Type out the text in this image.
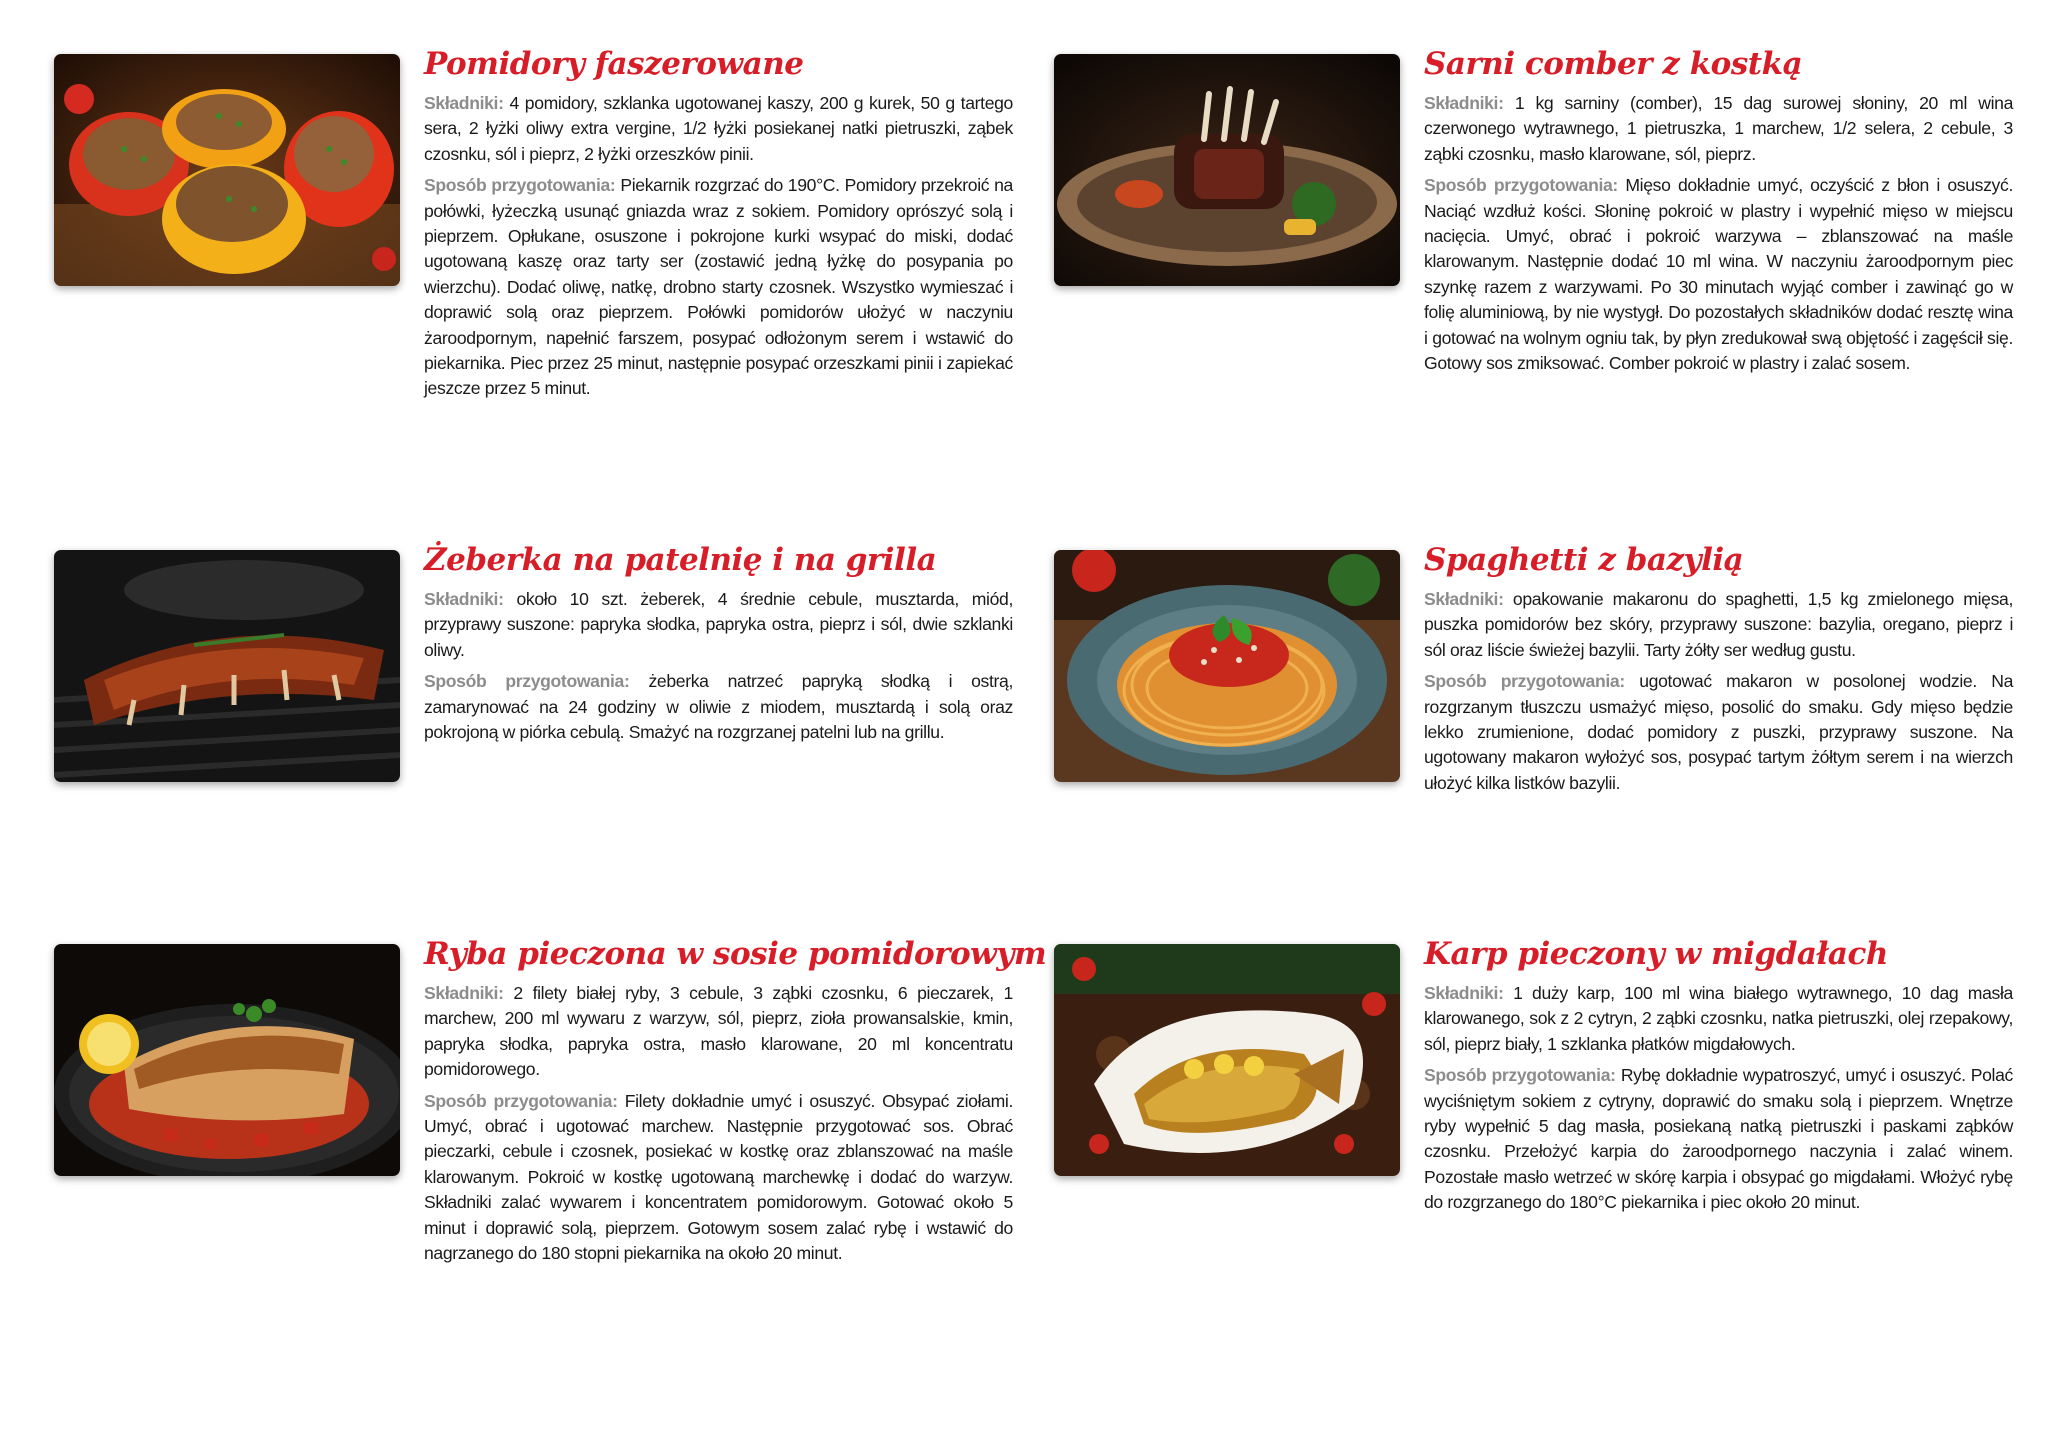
Pomidory faszerowane

Składniki: 4 pomidory, szklanka ugotowanej kaszy, 200 g kurek, 50 g tartego sera, 2 łyżki oliwy extra vergine, 1/2 łyżki posiekanej natki pietruszki, ząbek czosnku, sól i pieprz, 2 łyżki orzeszków pinii.

Sposób przygotowania: Piekarnik rozgrzać do 190°C. Pomidory przekroić na połówki, łyżeczką usunąć gniazda wraz z sokiem. Pomidory oprószyć solą i pieprzem. Opłukane, osuszone i pokrojone kurki wsypać do miski, dodać ugotowaną kaszę oraz tarty ser (zostawić jedną łyżkę do posypania po wierzchu). Dodać oliwę, natkę, drobno starty czosnek. Wszystko wymieszać i doprawić solą oraz pieprzem. Połówki pomidorów ułożyć w naczyniu żaroodpornym, napełnić farszem, posypać odłożonym serem i wstawić do piekarnika. Piec przez 25 minut, następnie posypać orzeszkami pinii i zapiekać jeszcze przez 5 minut.

Sarni comber z kostką

Składniki: 1 kg sarniny (comber), 15 dag surowej słoniny, 20 ml wina czerwonego wytrawnego, 1 pietruszka, 1 marchew, 1/2 selera, 2 cebule, 3 ząbki czosnku, masło klarowane, sól, pieprz.

Sposób przygotowania: Mięso dokładnie umyć, oczyścić z błon i osuszyć. Naciąć wzdłuż kości. Słoninę pokroić w plastry i wypełnić mięso w miejscu nacięcia. Umyć, obrać i pokroić warzywa – zblanszować na maśle klarowanym. Następnie dodać 10 ml wina. W naczyniu żaroodpornym piec szynkę razem z warzywami. Po 30 minutach wyjąć comber i zawinąć go w folię aluminiową, by nie wystygł. Do pozostałych składników dodać resztę wina i gotować na wolnym ogniu tak, by płyn zredukował swą objętość i zagęścił się. Gotowy sos zmiksować. Comber pokroić w plastry i zalać sosem.

Żeberka na patelnię i na grilla

Składniki: około 10 szt. żeberek, 4 średnie cebule, musztarda, miód, przyprawy suszone: papryka słodka, papryka ostra, pieprz i sól, dwie szklanki oliwy.

Sposób przygotowania: żeberka natrzeć papryką słodką i ostrą, zamarynować na 24 godziny w oliwie z miodem, musztardą i solą oraz pokrojoną w piórka cebulą. Smażyć na rozgrzanej patelni lub na grillu.

Spaghetti z bazylią

Składniki: opakowanie makaronu do spaghetti, 1,5 kg zmielonego mięsa, puszka pomidorów bez skóry, przyprawy suszone: bazylia, oregano, pieprz i sól oraz liście świeżej bazylii. Tarty żółty ser według gustu.

Sposób przygotowania: ugotować makaron w posolonej wodzie. Na rozgrzanym tłuszczu usmażyć mięso, posolić do smaku. Gdy mięso będzie lekko zrumienione, dodać pomidory z puszki, przyprawy suszone. Na ugotowany makaron wyłożyć sos, posypać tartym żółtym serem i na wierzch ułożyć kilka listków bazylii.

Ryba pieczona w sosie pomidorowym

Składniki: 2 filety białej ryby, 3 cebule, 3 ząbki czosnku, 6 pieczarek, 1 marchew, 200 ml wywaru z warzyw, sól, pieprz, zioła prowansalskie, kmin, papryka słodka, papryka ostra, masło klarowane, 20 ml koncentratu pomidorowego.

Sposób przygotowania: Filety dokładnie umyć i osuszyć. Obsypać ziołami. Umyć, obrać i ugotować marchew. Następnie przygotować sos. Obrać pieczarki, cebule i czosnek, posiekać w kostkę oraz zblanszować na maśle klarowanym. Pokroić w kostkę ugotowaną marchewkę i dodać do warzyw. Składniki zalać wywarem i koncentratem pomidorowym. Gotować około 5 minut i doprawić solą, pieprzem. Gotowym sosem zalać rybę i wstawić do nagrzanego do 180 stopni piekarnika na około 20 minut.

Karp pieczony w migdałach

Składniki: 1 duży karp, 100 ml wina białego wytrawnego, 10 dag masła klarowanego, sok z 2 cytryn, 2 ząbki czosnku, natka pietruszki, olej rzepakowy, sól, pieprz biały, 1 szklanka płatków migdałowych.

Sposób przygotowania: Rybę dokładnie wypatroszyć, umyć i osuszyć. Polać wyciśniętym sokiem z cytryny, doprawić do smaku solą i pieprzem. Wnętrze ryby wypełnić 5 dag masła, posiekaną natką pietruszki i paskami ząbków czosnku. Przełożyć karpia do żaroodpornego naczynia i zalać winem. Pozostałe masło wetrzeć w skórę karpia i obsypać go migdałami. Włożyć rybę do rozgrzanego do 180°C piekarnika i piec około 20 minut.
